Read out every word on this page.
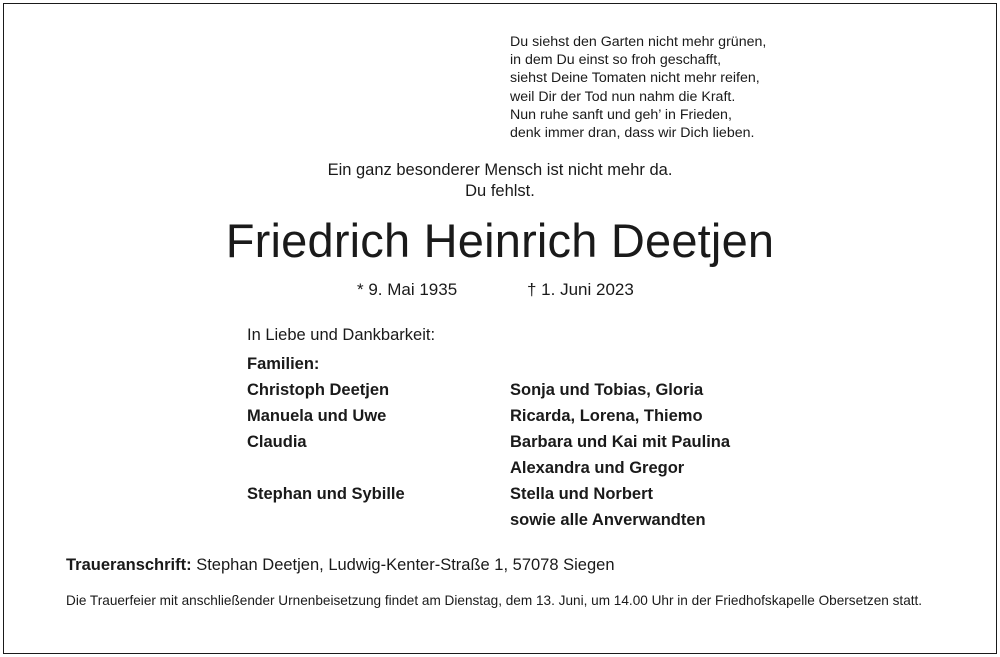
Du siehst den Garten nicht mehr grünen,
in dem Du einst so froh geschafft,
siehst Deine Tomaten nicht mehr reifen,
weil Dir der Tod nun nahm die Kraft.
Nun ruhe sanft und geh’ in Frieden,
denk immer dran, dass wir Dich lieben.
Ein ganz besonderer Mensch ist nicht mehr da.
Du fehlst.
Friedrich Heinrich Deetjen
* 9. Mai 1935	† 1. Juni 2023
In Liebe und Dankbarkeit:
Familien:
Christoph Deetjen
Manuela und Uwe
Claudia
Stephan und Sybille
Sonja und Tobias, Gloria
Ricarda, Lorena, Thiemo
Barbara und Kai mit Paulina
Alexandra und Gregor
Stella und Norbert
sowie alle Anverwandten
Traueranschrift: Stephan Deetjen, Ludwig-Kenter-Straße 1, 57078 Siegen
Die Trauerfeier mit anschließender Urnenbeisetzung findet am Dienstag, dem 13. Juni, um 14.00 Uhr in der Friedhofskapelle Obersetzen statt.
